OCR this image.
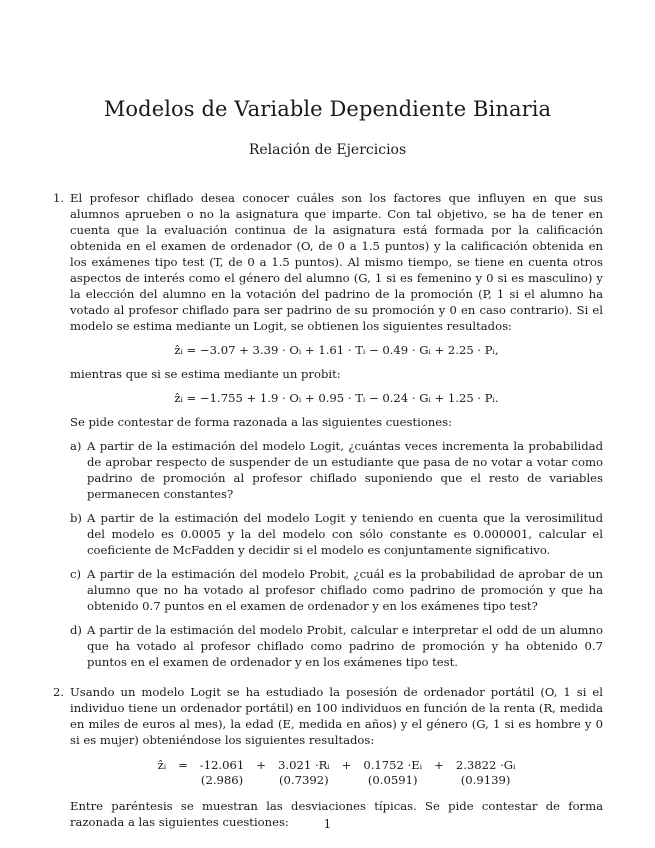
Modelos de Variable Dependiente Binaria
Relación de Ejercicios
1. El profesor chiflado desea conocer cuáles son los factores que influyen en que sus alumnos aprueben o no la asignatura que imparte. Con tal objetivo, se ha de tener en cuenta que la evaluación continua de la asignatura está formada por la calificación obtenida en el examen de ordenador (O, de 0 a 1.5 puntos) y la calificación obtenida en los exámenes tipo test (T, de 0 a 1.5 puntos). Al mismo tiempo, se tiene en cuenta otros aspectos de interés como el género del alumno (G, 1 si es femenino y 0 si es masculino) y la elección del alumno en la votación del padrino de la promoción (P, 1 si el alumno ha votado al profesor chiflado para ser padrino de su promoción y 0 en caso contrario). Si el modelo se estima mediante un Logit, se obtienen los siguientes resultados:

ẑᵢ = −3.07 + 3.39 · Oᵢ + 1.61 · Tᵢ − 0.49 · Gᵢ + 2.25 · Pᵢ,

mientras que si se estima mediante un probit:

ẑᵢ = −1.755 + 1.9 · Oᵢ + 0.95 · Tᵢ − 0.24 · Gᵢ + 1.25 · Pᵢ.

Se pide contestar de forma razonada a las siguientes cuestiones:

a) A partir de la estimación del modelo Logit, ¿cuántas veces incrementa la probabilidad de aprobar respecto de suspender de un estudiante que pasa de no votar a votar como padrino de promoción al profesor chiflado suponiendo que el resto de variables permanecen constantes?

b) A partir de la estimación del modelo Logit y teniendo en cuenta que la verosimilitud del modelo es 0.0005 y la del modelo con sólo constante es 0.000001, calcular el coeficiente de McFadden y decidir si el modelo es conjuntamente significativo.

c) A partir de la estimación del modelo Probit, ¿cuál es la probabilidad de aprobar de un alumno que no ha votado al profesor chiflado como padrino de promoción y que ha obtenido 0.7 puntos en el examen de ordenador y en los exámenes tipo test?

d) A partir de la estimación del modelo Probit, calcular e interpretar el odd de un alumno que ha votado al profesor chiflado como padrino de promoción y ha obtenido 0.7 puntos en el examen de ordenador y en los exámenes tipo test.

2. Usando un modelo Logit se ha estudiado la posesión de ordenador portátil (O, 1 si el individuo tiene un ordenador portátil) en 100 individuos en función de la renta (R, medida en miles de euros al mes), la edad (E, medida en años) y el género (G, 1 si es hombre y 0 si es mujer) obteniéndose los siguientes resultados:

ẑᵢ	=	-12.061	+	3.021 ·Rᵢ	+	0.1752 ·Eᵢ	+	2.3822 ·Gᵢ
		(2.986)		(0.7392)		(0.0591)		(0.9139)

Entre paréntesis se muestran las desviaciones típicas. Se pide contestar de forma razonada a las siguientes cuestiones:	1
